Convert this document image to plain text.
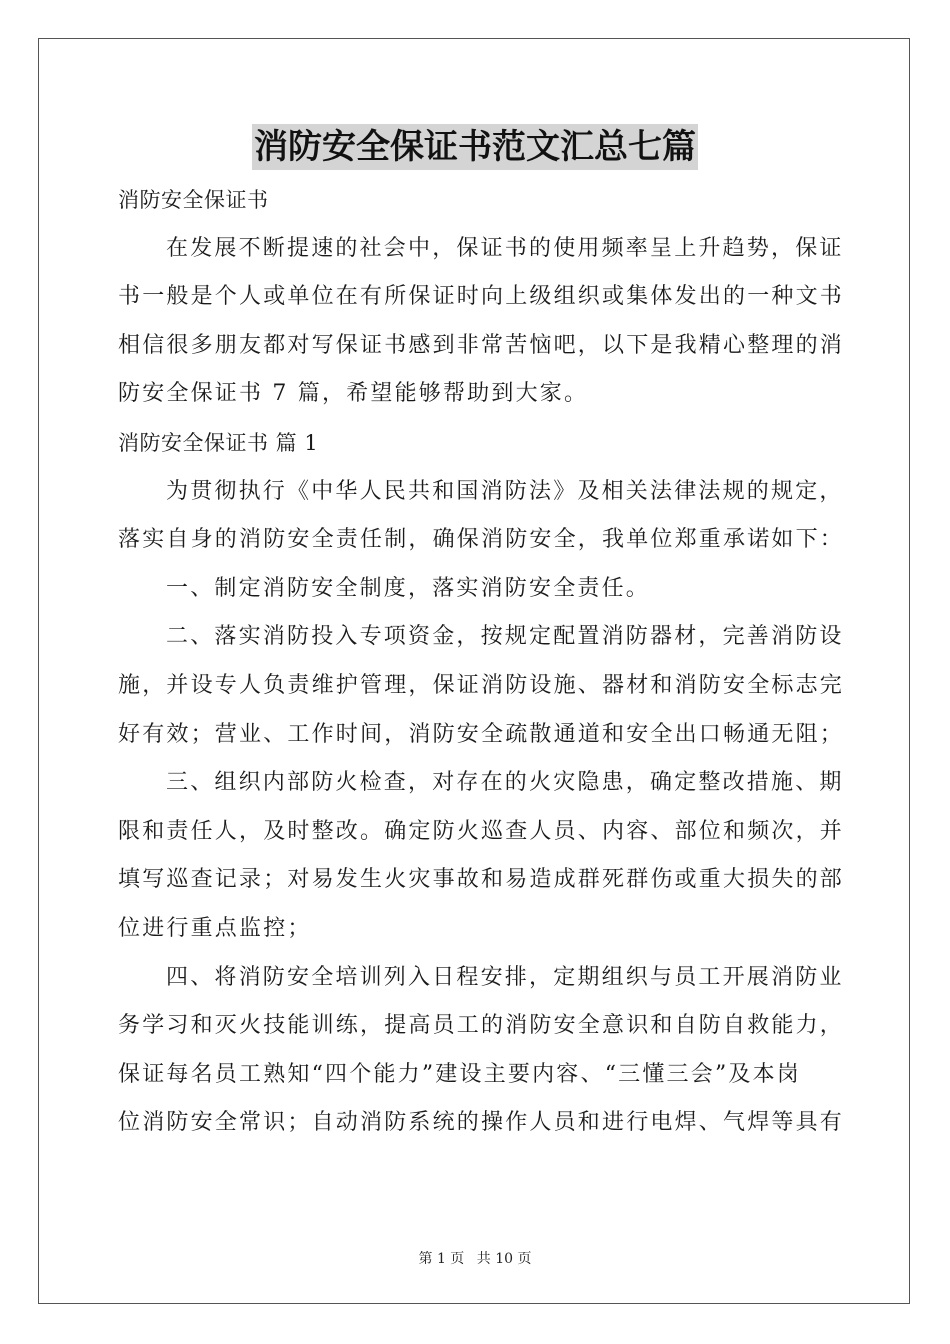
消防安全保证书范文汇总七篇
消防安全保证书
在发展不断提速的社会中，保证书的使用频率呈上升趋势，保证
书一般是个人或单位在有所保证时向上级组织或集体发出的一种文书
相信很多朋友都对写保证书感到非常苦恼吧，以下是我精心整理的消
防安全保证书 7 篇，希望能够帮助到大家。
消防安全保证书 篇 1
为贯彻执行《中华人民共和国消防法》及相关法律法规的规定，
落实自身的消防安全责任制，确保消防安全，我单位郑重承诺如下：
一、制定消防安全制度，落实消防安全责任。
二、落实消防投入专项资金，按规定配置消防器材，完善消防设
施，并设专人负责维护管理，保证消防设施、器材和消防安全标志完
好有效；营业、工作时间，消防安全疏散通道和安全出口畅通无阻；
三、组织内部防火检查，对存在的火灾隐患，确定整改措施、期
限和责任人，及时整改。确定防火巡查人员、内容、部位和频次，并
填写巡查记录；对易发生火灾事故和易造成群死群伤或重大损失的部
位进行重点监控；
四、将消防安全培训列入日程安排，定期组织与员工开展消防业
务学习和灭火技能训练，提高员工的消防安全意识和自防自救能力，
保证每名员工熟知“四个能力”建设主要内容、“三懂三会”及本岗
位消防安全常识；自动消防系统的操作人员和进行电焊、气焊等具有
第 1 页 共 10 页
